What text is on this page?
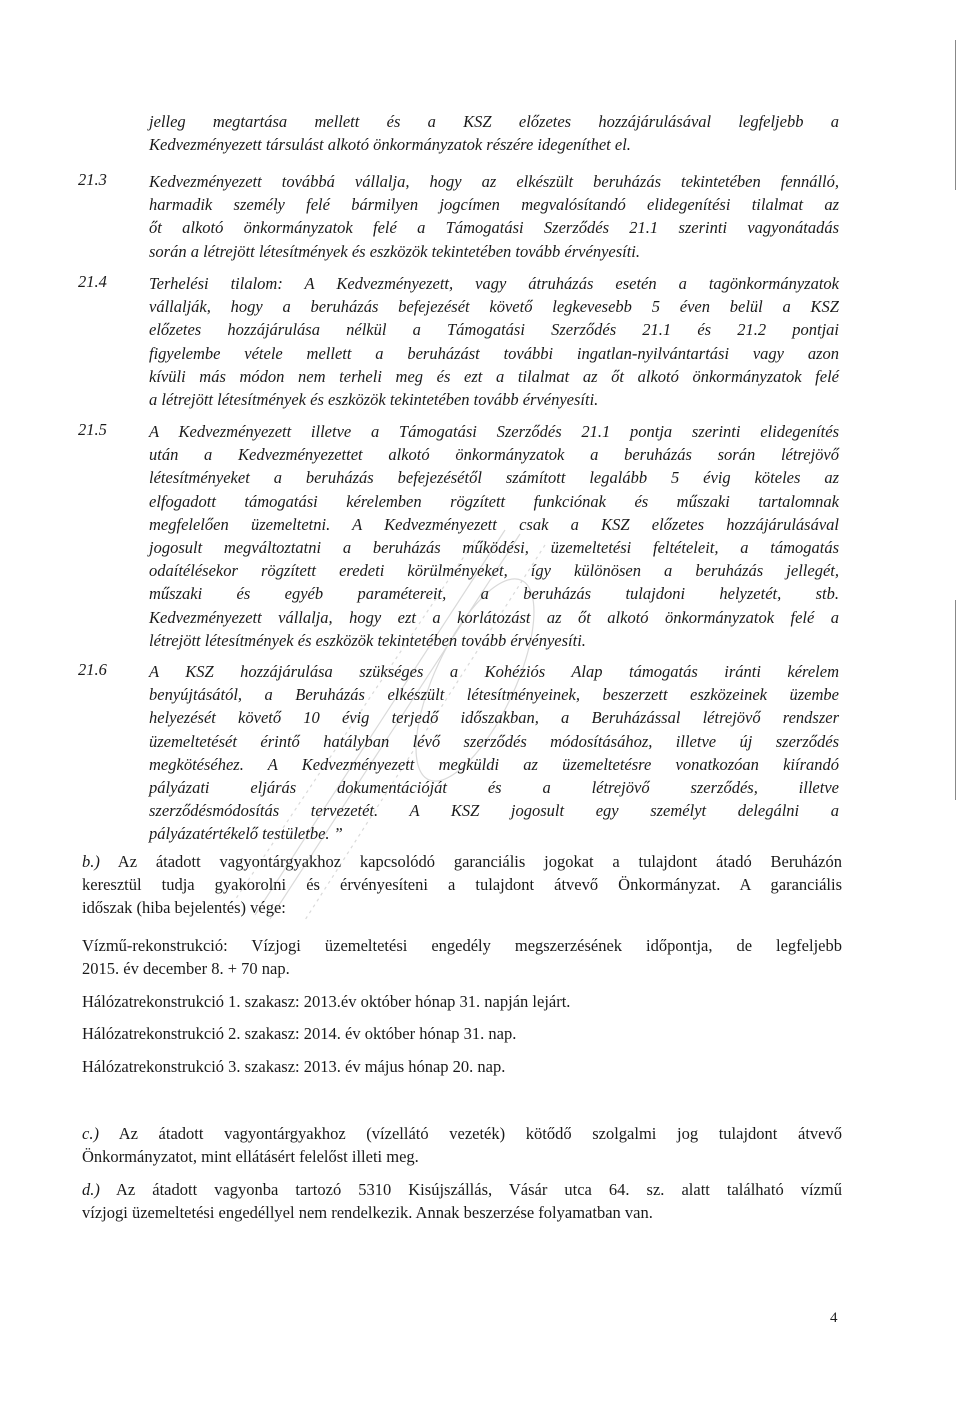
jelleg megtartása mellett és a KSZ előzetes hozzájárulásával legfeljebb a
Kedvezményezett társulást alkotó önkormányzatok részére idegeníthet el.
21.3	Kedvezményezett továbbá vállalja, hogy az elkészült beruházás tekintetében fennálló,
harmadik személy felé bármilyen jogcímen megvalósítandó elidegenítési tilalmat az
őt alkotó önkormányzatok felé a Támogatási Szerződés 21.1 szerinti vagyonátadás
során a létrejött létesítmények és eszközök tekintetében tovább érvényesíti.
21.4	Terhelési tilalom: A Kedvezményezett, vagy átruházás esetén a tagönkormányzatok
vállalják, hogy a beruházás befejezését követő legkevesebb 5 éven belül a KSZ
előzetes hozzájárulása nélkül a Támogatási Szerződés 21.1 és 21.2 pontjai
figyelembe vétele mellett a beruházást további ingatlan-nyilvántartási vagy azon
kívüli más módon nem terheli meg és ezt a tilalmat az őt alkotó önkormányzatok felé
a létrejött létesítmények és eszközök tekintetében tovább érvényesíti.
21.5	A Kedvezményezett illetve a Támogatási Szerződés 21.1 pontja szerinti elidegenítés
után a Kedvezményezettet alkotó önkormányzatok a beruházás során létrejövő
létesítményeket a beruházás befejezésétől számított legalább 5 évig köteles az
elfogadott támogatási kérelemben rögzített funkciónak és műszaki tartalomnak
megfelelően üzemeltetni. A Kedvezményezett csak a KSZ előzetes hozzájárulásával
jogosult megváltoztatni a beruházás működési, üzemeltetési feltételeit, a támogatás
odaítélésekor rögzített eredeti körülményeket, így különösen a beruházás jellegét,
műszaki és egyéb paramétereit, a beruházás tulajdoni helyzetét, stb.
Kedvezményezett vállalja, hogy ezt a korlátozást az őt alkotó önkormányzatok felé a
létrejött létesítmények és eszközök tekintetében tovább érvényesíti.
21.6	A KSZ hozzájárulása szükséges a Kohéziós Alap támogatás iránti kérelem
benyújtásától, a Beruházás elkészült létesítményeinek, beszerzett eszközeinek üzembe
helyezését követő 10 évig terjedő időszakban, a Beruházással létrejövő rendszer
üzemeltetését érintő hatályban lévő szerződés módosításához, illetve új szerződés
megkötéséhez. A Kedvezményezett megküldi az üzemeltetésre vonatkozóan kiírandó
pályázati eljárás dokumentációját és a létrejövő szerződés, illetve
szerződésmódosítás tervezetét. A KSZ jogosult egy személyt delegálni a
pályázatértékelő testületbe. ”
b.) Az átadott vagyontárgyakhoz kapcsolódó garanciális jogokat a tulajdont átadó Beruházón
keresztül tudja gyakorolni és érvényesíteni a tulajdont átvevő Önkormányzat. A garanciális
időszak (hiba bejelentés) vége:
Vízmű-rekonstrukció: Vízjogi üzemeltetési engedély megszerzésének időpontja, de legfeljebb
2015. év december 8. + 70 nap.
Hálózatrekonstrukció 1. szakasz: 2013.év október hónap 31. napján lejárt.
Hálózatrekonstrukció 2. szakasz: 2014. év október hónap 31. nap.
Hálózatrekonstrukció 3. szakasz: 2013. év május hónap 20. nap.
c.) Az átadott vagyontárgyakhoz (vízellátó vezeték) kötődő szolgalmi jog tulajdont átvevő
Önkormányzatot, mint ellátásért felelőst illeti meg.
d.) Az átadott vagyonba tartozó 5310 Kisújszállás, Vásár utca 64. sz. alatt található vízmű
vízjogi üzemeltetési engedéllyel nem rendelkezik. Annak beszerzése folyamatban van.
4
